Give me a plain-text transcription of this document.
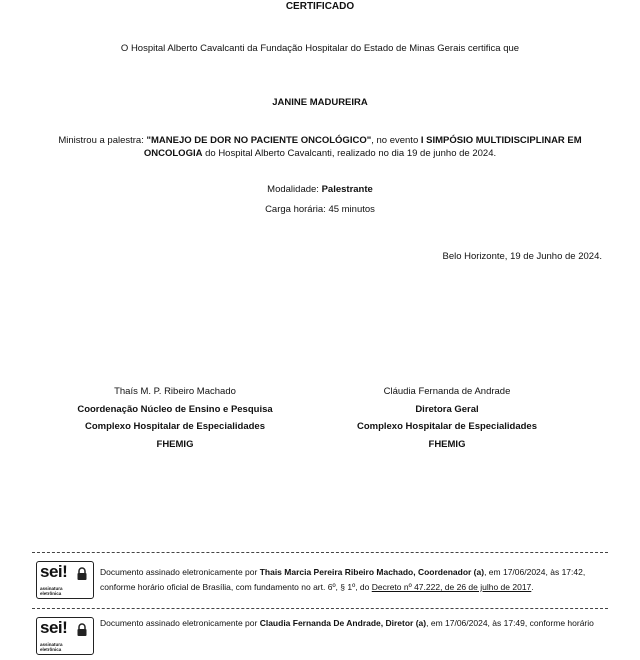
CERTIFICADO
O Hospital Alberto Cavalcanti da Fundação Hospitalar do Estado de Minas Gerais certifica que
JANINE MADUREIRA
Ministrou a palestra: "MANEJO DE DOR NO PACIENTE ONCOLÓGICO", no evento I SIMPÓSIO MULTIDISCIPLINAR EM ONCOLOGIA do Hospital Alberto Cavalcanti, realizado no dia 19 de junho de 2024.
Modalidade: Palestrante
Carga horária: 45 minutos
Belo Horizonte, 19 de Junho de 2024.
Thaís M. P. Ribeiro Machado
Coordenação Núcleo de Ensino e Pesquisa
Complexo Hospitalar de Especialidades
FHEMIG
Cláudia Fernanda de Andrade
Diretora Geral
Complexo Hospitalar de Especialidades
FHEMIG
sei!
assinatura
eletrônica
Documento assinado eletronicamente por Thais Marcia Pereira Ribeiro Machado, Coordenador (a), em 17/06/2024, às 17:42,
conforme horário oficial de Brasília, com fundamento no art. 6º, § 1º, do Decreto nº 47.222, de 26 de julho de 2017.
sei!
assinatura
eletrônica
Documento assinado eletronicamente por Claudia Fernanda De Andrade, Diretor (a), em 17/06/2024, às 17:49, conforme horário
